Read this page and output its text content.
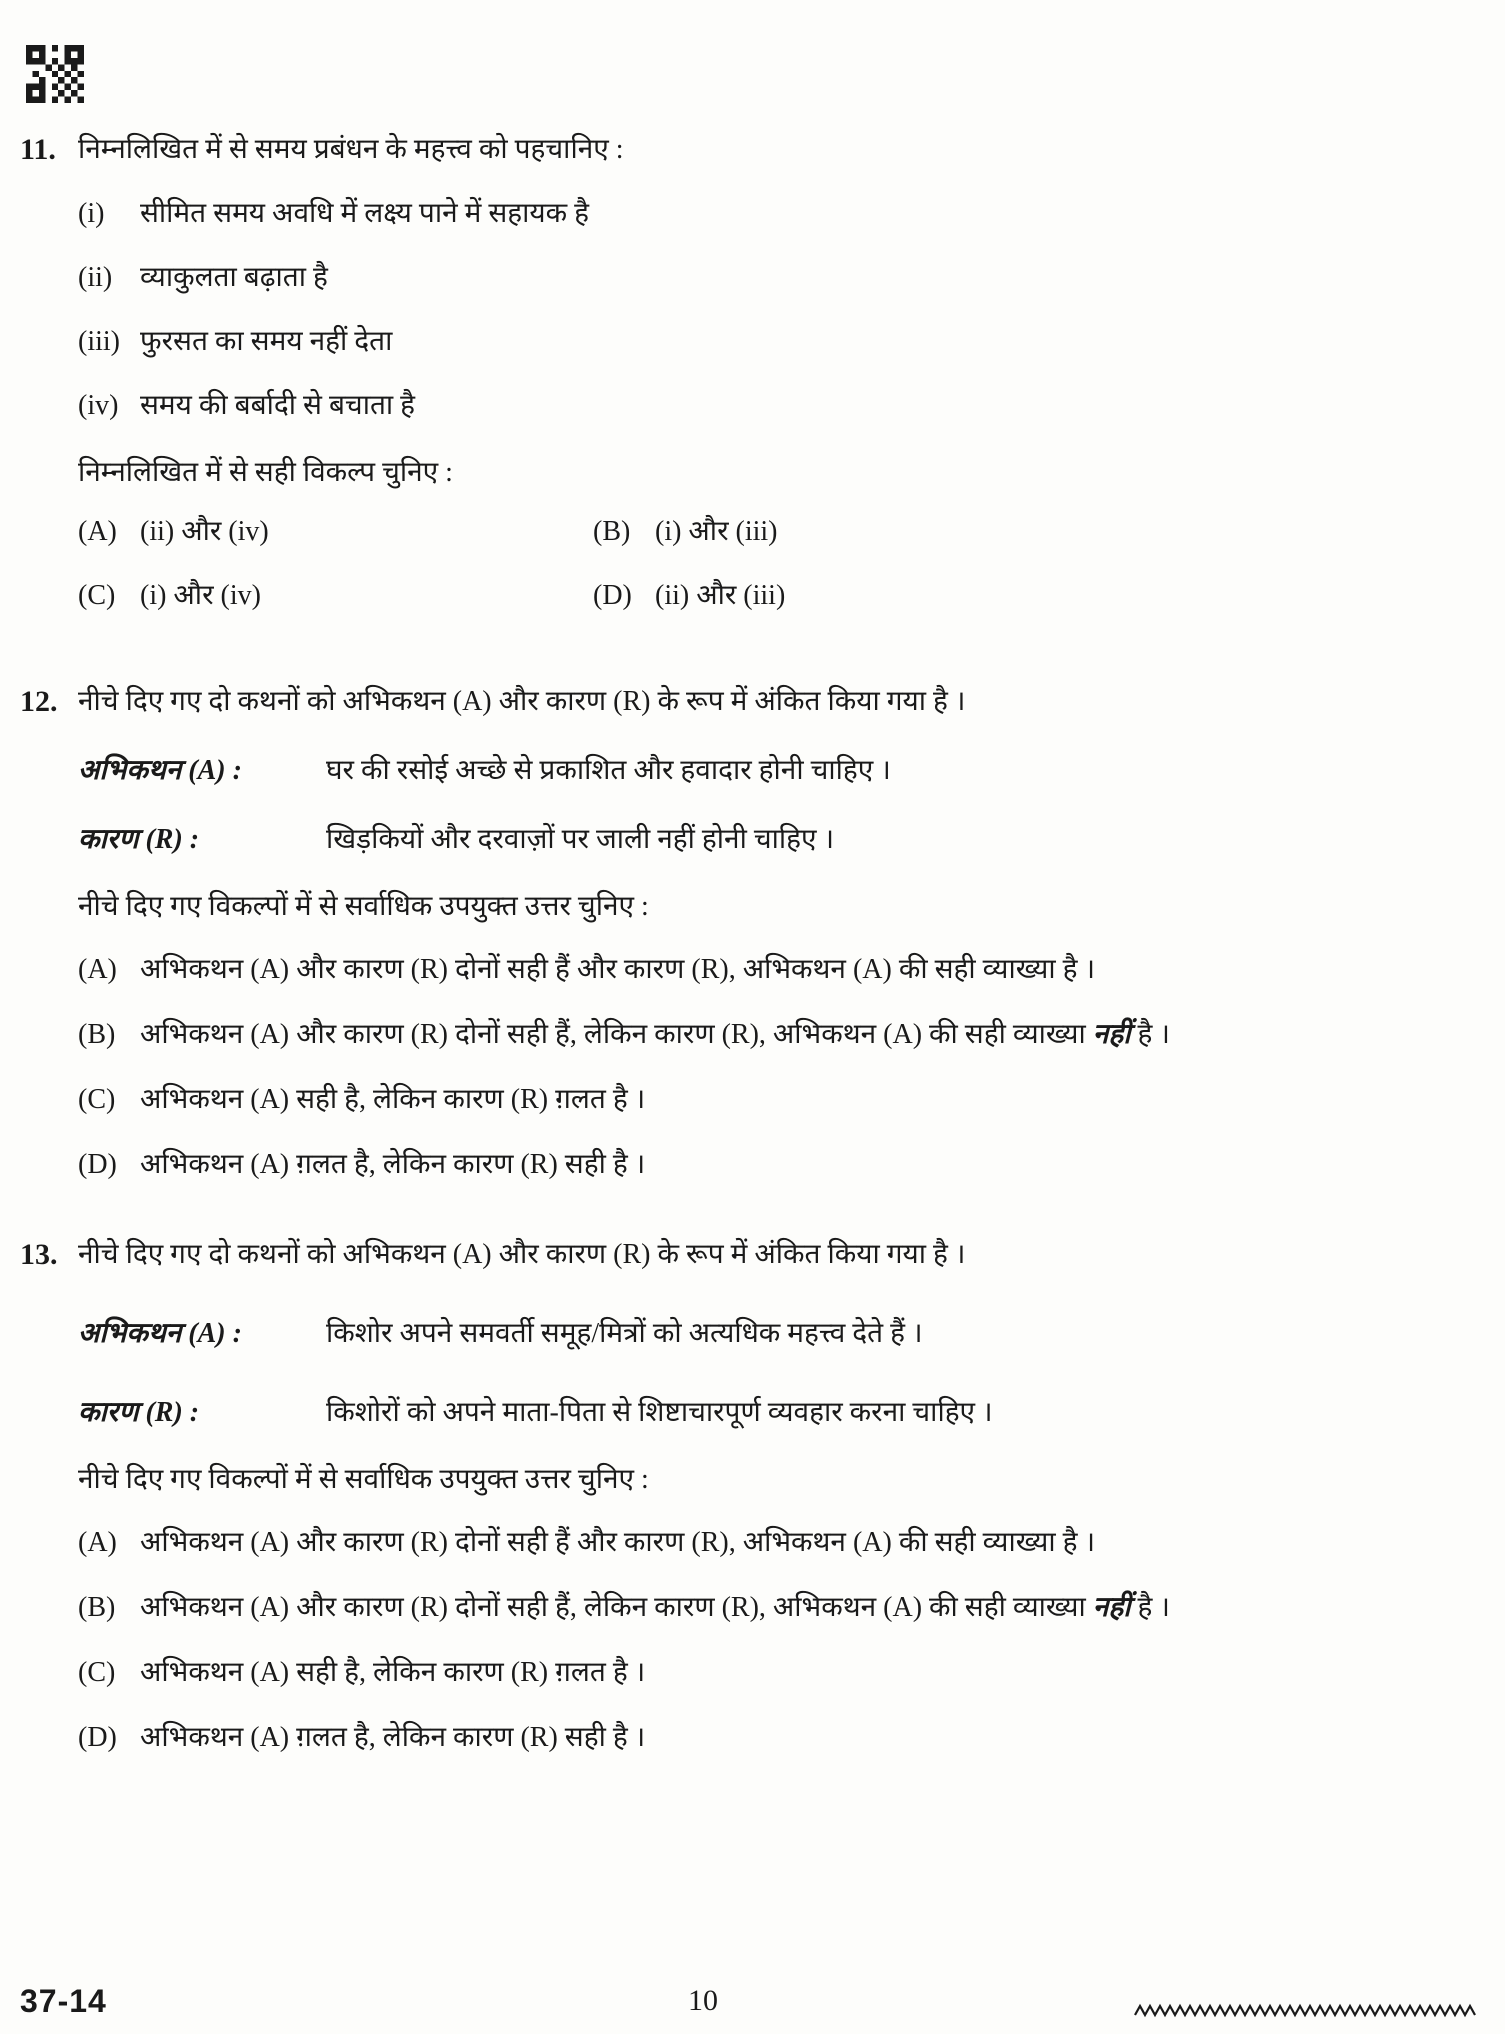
11. निम्नलिखित में से समय प्रबंधन के महत्त्व को पहचानिए :
(i)	सीमित समय अवधि में लक्ष्य पाने में सहायक है
(ii) व्याकुलता बढ़ाता है
(iii) फुरसत का समय नहीं देता
(iv) समय की बर्बादी से बचाता है
निम्नलिखित में से सही विकल्प चुनिए :
(A) (ii) और (iv)	(B) (i) और (iii)
(C) (i) और (iv)	(D) (ii) और (iii)
12. नीचे दिए गए दो कथनों को अभिकथन (A) और कारण (R) के रूप में अंकित किया गया है ।
अभिकथन (A) :	घर की रसोई अच्छे से प्रकाशित और हवादार होनी चाहिए ।
कारण (R) :	खिड़कियों और दरवाज़ों पर जाली नहीं होनी चाहिए ।
नीचे दिए गए विकल्पों में से सर्वाधिक उपयुक्त उत्तर चुनिए :
(A) अभिकथन (A) और कारण (R) दोनों सही हैं और कारण (R), अभिकथन (A) की सही व्याख्या है ।
(B) अभिकथन (A) और कारण (R) दोनों सही हैं, लेकिन कारण (R), अभिकथन (A) की सही व्याख्या नहीं है ।
(C) अभिकथन (A) सही है, लेकिन कारण (R) ग़लत है ।
(D) अभिकथन (A) ग़लत है, लेकिन कारण (R) सही है ।
13. नीचे दिए गए दो कथनों को अभिकथन (A) और कारण (R) के रूप में अंकित किया गया है ।
अभिकथन (A) :	किशोर अपने समवर्ती समूह/मित्रों को अत्यधिक महत्त्व देते हैं ।
कारण (R) :	किशोरों को अपने माता-पिता से शिष्टाचारपूर्ण व्यवहार करना चाहिए ।
नीचे दिए गए विकल्पों में से सर्वाधिक उपयुक्त उत्तर चुनिए :
(A) अभिकथन (A) और कारण (R) दोनों सही हैं और कारण (R), अभिकथन (A) की सही व्याख्या है ।
(B) अभिकथन (A) और कारण (R) दोनों सही हैं, लेकिन कारण (R), अभिकथन (A) की सही व्याख्या नहीं है ।
(C) अभिकथन (A) सही है, लेकिन कारण (R) ग़लत है ।
(D) अभिकथन (A) ग़लत है, लेकिन कारण (R) सही है ।
37-14	10
